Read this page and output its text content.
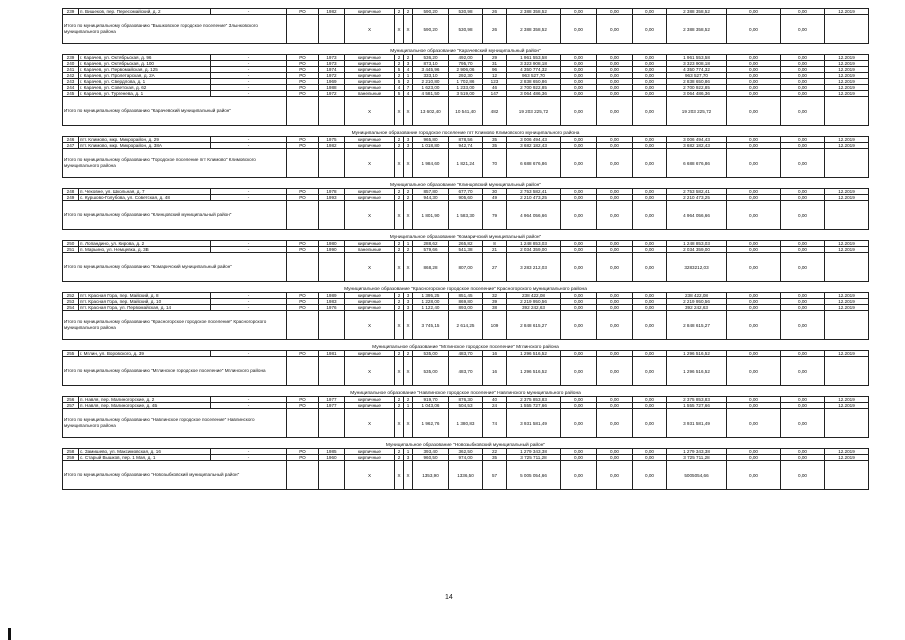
239	п. Вишеков, пер. Пересомайский, д. 2	-	РО	1982	кирпичные	2	2	590,20	530,98	26	2 388 358,52	0,00	0,00	0,00	2 388 358,52	0,00	0,00	12.2019
Итого по муниципальному образованию "Вышковское городское поселение" Злынковского муниципального района					X	X	X	590,20	530,98	26	2 388 358,52	0,00	0,00	0,00	2 388 358,52	0,00	0,00	
Муниципальное образование "Карачевский муниципальный район"																		
239	г. Карачев, ул. Октябрьская, д. 96	-	РО	1973	кирпичные	2	2	536,20	492,00	29	1 961 553,58	0,00	0,00	0,00	1 961 553,58	0,00	0,00	12.2019
240	г. Карачев, ул. Октябрьская, д. 100	-	РО	1973	кирпичные	2	3	873,10	795,70	31	3 323 908,18	0,00	0,00	0,00	3 323 908,18	0,00	0,00	12.2019
241	г. Карачев, ул. Первомайская, д. 125	-	РО	1974	кирпичные	5	4	3 445,96	2 906,06	96	4 350 774,32	0,00	0,00	0,00	4 350 774,32	0,00	0,00	12.2019
242	г. Карачев, ул. Пролетарская, д. 2А	-	РО	1972	кирпичные	2	1	333,10	292,30	12	963 527,70	0,00	0,00	0,00	963 527,70	0,00	0,00	12.2019
243	г. Карачев, ул. Свердлова, д. 1	-	РО	1969	кирпичные	5	2	2 210,80	1 702,86	123	2 838 650,86	0,00	0,00	0,00	2 838 650,86	0,00	0,00	12.2019
244	г. Карачев, ул. Советская, д. 62	-	РО	1988	кирпичные	4	7	1 623,00	1 233,00	46	2 700 922,85	0,00	0,00	0,00	2 700 922,85	0,00	0,00	12.2019
245	г. Карачев, ул. Тургенева, д. 1	-	РО	1972	панельные	5	4	4 581,50	3 519,00	147	3 064 486,36	0,00	0,00	0,00	3 064 486,36	0,00	0,00	12.2019
Итого по муниципальному образованию "Карачевский муниципальный район"					X	X	X	13 602,40	10 541,40	482	19 203 225,72	0,00	0,00	0,00	19 203 225,72	0,00	0,00	
Муниципальное образование городское поселение пгт Климово Климовского муниципального района																		
246	пгт. Климово, мкр. Микрорайон, д. 29	-	РО	1975	кирпичные	2	3	965,80	878,56	35	3 006 494,43	0,00	0,00	0,00	3 006 494,43	0,00	0,00	12.2019
247	пгт. Климово, мкр. Микрорайон, д. 38А	-	РО	1982	кирпичные	2	3	1 018,80	942,74	35	3 682 182,43	0,00	0,00	0,00	3 682 182,43	0,00	0,00	12.2019
Итого по муниципальному образованию "Городское поселение пгт Климово" Климовского муниципального района					X	X	X	1 984,60	1 821,24	70	6 688 676,86	0,00	0,00	0,00	6 688 676,86	0,00	0,00	
Муниципальное образование "Клинцовский муниципальный район"																		
248	п. Чеховне, ул. Школьная, д. 7	-	РО	1978	кирпичные	2	2	857,80	677,70	30	2 753 582,41	0,00	0,00	0,00	2 753 582,41	0,00	0,00	12.2019
249	с. Куршово-Голубова, ул. Советская, д. 48	-	РО	1993	кирпичные	2	2	944,30	905,60	49	2 210 473,25	0,00	0,00	0,00	2 210 473,25	0,00	0,00	12.2019
Итого по муниципальному образованию "Клинцовский муниципальный район"					X	X	X	1 801,90	1 583,30	79	4 964 056,66	0,00	0,00	0,00	4 964 056,66	0,00	0,00	
Муниципальное образование "Комаричский муниципальный район"																		
250	п. Лопандино, ул. Кирова, д. 2	-	РО	1980	кирпичные	2	1	288,62	265,82	8	1 248 853,03	0,00	0,00	0,00	1 248 853,03	0,00	0,00	12.2019
251	п. Марьино, ул. Немцевка, д. 3В	-	РО	1990	панельные	2	2	579,66	541,38	21	2 034 359,00	0,00	0,00	0,00	2 034 359,00	0,00	0,00	12.2019
Итого по муниципальному образованию "Комаричский муниципальный район"					X	X	X	868,28	807,00	27	3 283 212,03	0,00	0,00	0,00	3283212,03	0,00	0,00	
Муниципальное образование "Красногорское городское поселение" Красногорского муниципального района																		
252	пгт. Красная Гора, пер. Майский, д. 8	-	РО	1989	кирпичные	2	3	1 395,25	851,45	32	238 422,08	0,00	0,00	0,00	238 422,08	0,00	0,00	12.2019
253	пгт. Красная Гора, пер. Майский, д. 10	-	РО	1983	кирпичные	2	3	1 228,00	869,80	39	2 219 950,56	0,00	0,00	0,00	2 219 950,56	0,00	0,00	12.2019
254	пгт. Красная Гора, ул. Первомайская, д. 14	-	РО	1976	кирпичные	2	3	1 122,40	893,00	38	392 242,63	0,00	0,00	0,00	392 242,63	0,00	0,00	12.2019
Итого по муниципальному образованию "Красногорское городское поселение" Красногорского муниципального района					X	X	X	3 745,15	2 614,25	109	2 848 615,27	0,00	0,00	0,00	2 848 615,27	0,00	0,00	
Муниципальное образование "Мглинское городское поселение" Мглинского района																		
255	г. Мглин, ул. Воровского, д. 39	-	РО	1981	кирпичные	2	2	535,00	483,70	16	1 296 516,52	0,00	0,00	0,00	1 296 516,52	0,00	0,00	12.2019
Итого по муниципальному образованию "Мглинское городское поселение" Мглинского района					X	X	X	535,00	483,70	16	1 296 516,52	0,00	0,00	0,00	1 296 516,52	0,00	0,00	
Муниципальное образование "Навлинское городское поселение" Навлинского муниципального района																		
256	п. Навля, пер. Малиногорские, д. 2	-	РО	1977	кирпичные	2	2	919,70	876,30	40	2 375 853,83	0,00	0,00	0,00	2 375 853,83	0,00	0,00	12.2019
257	п. Навля, пер. Малиногорские, д. 4Б	-	РО	1977	кирпичные	2	1	1 043,06	504,53	24	1 555 727,66	0,00	0,00	0,00	1 555 727,66	0,00	0,00	12.2019
Итого по муниципальному образованию "Навлинское городское поселение" Навлинского муниципального района					X	X	X	1 962,76	1 380,83	74	3 931 581,49	0,00	0,00	0,00	3 931 581,49	0,00	0,00	
Муниципальное образование "Новозыбковский муниципальный район"																		
258	с. Замишево, ул. Максимовская, д. 16	-	РО	1985	кирпичные	2	1	393,40	362,50	22	1 279 343,38	0,00	0,00	0,00	1 279 343,38	0,00	0,00	12.2019
259	с. Старый Вышков, пер. 1 Мая, д. 1	-	РО	1960	кирпичные	2	3	960,50	974,00	35	3 725 711,28	0,00	0,00	0,00	3 725 711,28	0,00	0,00	12.2019
Итого по муниципальному образованию "Новозыбковский муниципальный район"					X	X	X	1353,90	1336,50	57	5 005 054,66	0,00	0,00	0,00	5005054,66	0,00	0,00	
14
